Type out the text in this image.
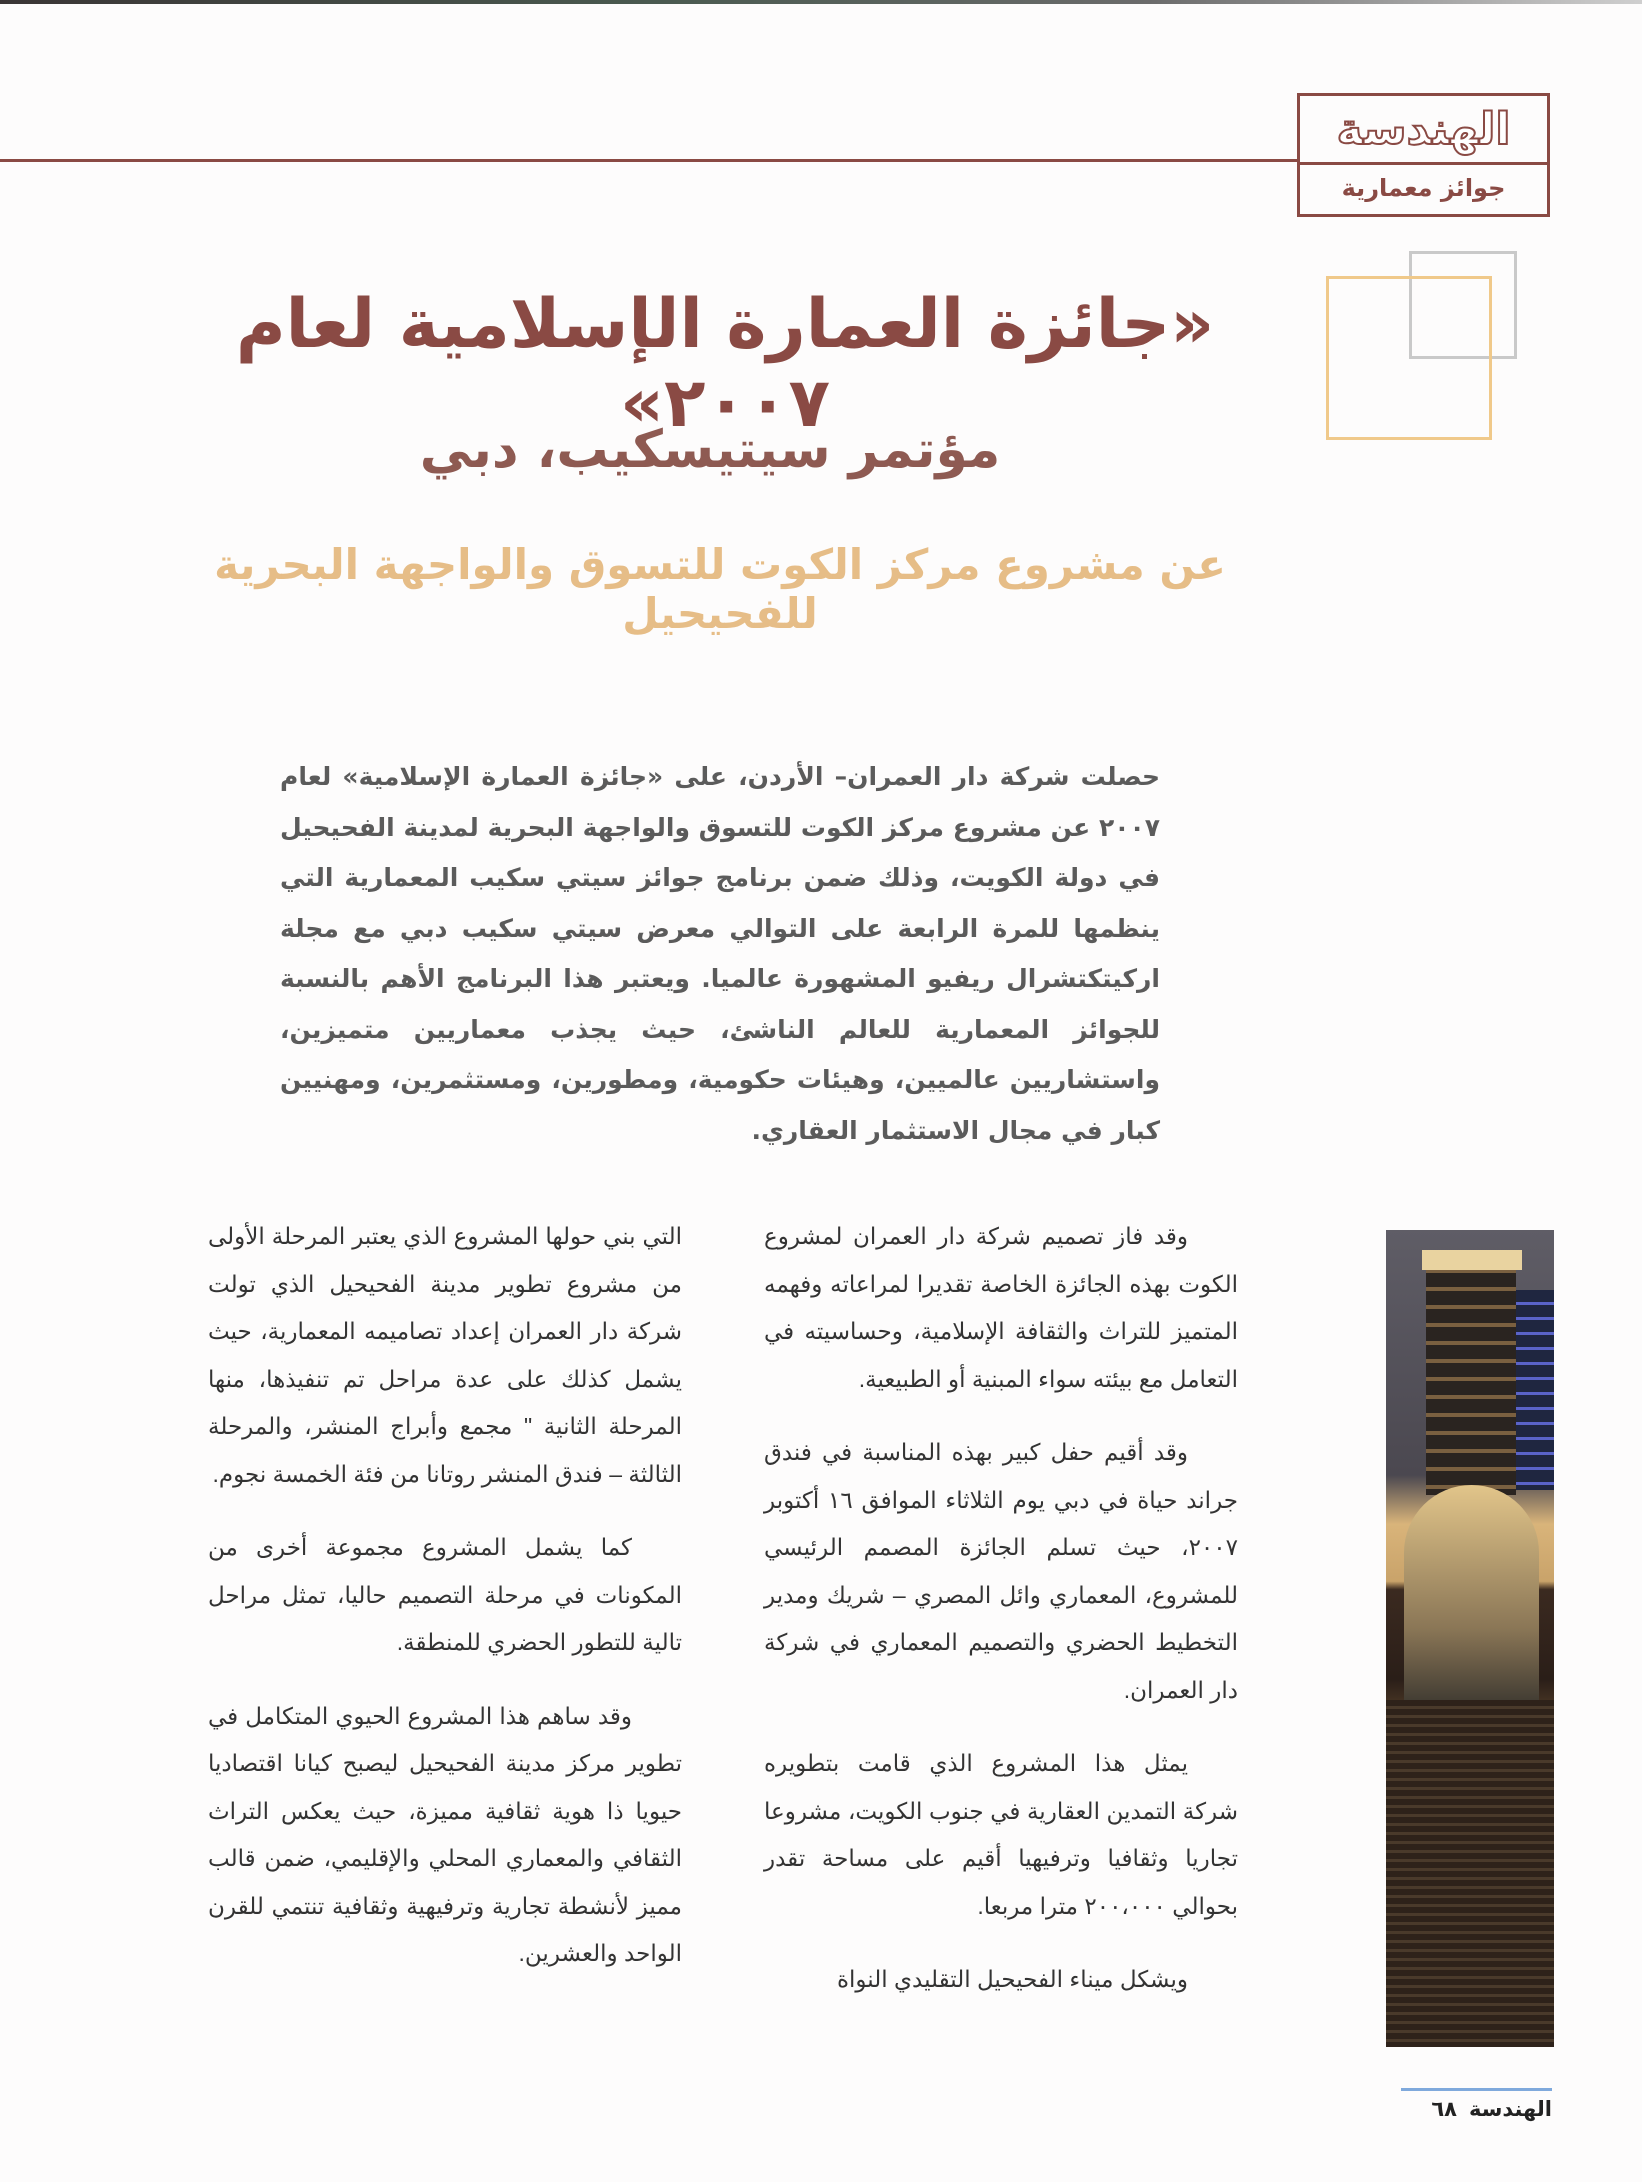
الهندسة
جوائز معمارية
«جائزة العمارة الإسلامية لعام ٢٠٠٧»
مؤتمر سيتيسكيب، دبي
عن مشروع مركز الكوت للتسوق والواجهة البحرية للفحيحيل
حصلت شركة دار العمران– الأردن، على «جائزة العمارة الإسلامية» لعام ٢٠٠٧ عن مشروع مركز الكوت للتسوق والواجهة البحرية لمدينة الفحيحيل في دولة الكويت، وذلك ضمن برنامج جوائز سيتي سكيب المعمارية التي ينظمها للمرة الرابعة على التوالي معرض سيتي سكيب دبي مع مجلة اركيتكتشرال ريفيو المشهورة عالميا. ويعتبر هذا البرنامج الأهم بالنسبة للجوائز المعمارية للعالم الناشئ، حيث يجذب معماريين متميزين، واستشاريين عالميين، وهيئات حكومية، ومطورين، ومستثمرين، ومهنيين كبار في مجال الاستثمار العقاري.

وقد فاز تصميم شركة دار العمران لمشروع الكوت بهذه الجائزة الخاصة تقديرا لمراعاته وفهمه المتميز للتراث والثقافة الإسلامية، وحساسيته في التعامل مع بيئته سواء المبنية أو الطبيعية.

وقد أقيم حفل كبير بهذه المناسبة في فندق جراند حياة في دبي يوم الثلاثاء الموافق ١٦ أكتوبر ٢٠٠٧، حيث تسلم الجائزة المصمم الرئيسي للمشروع، المعماري وائل المصري – شريك ومدير التخطيط الحضري والتصميم المعماري في شركة دار العمران.

يمثل هذا المشروع الذي قامت بتطويره شركة التمدين العقارية في جنوب الكويت، مشروعا تجاريا وثقافيا وترفيهيا أقيم على مساحة تقدر بحوالي ٢٠٠،٠٠٠ مترا مربعا.

ويشكل ميناء الفحيحيل التقليدي النواة

التي بني حولها المشروع الذي يعتبر المرحلة الأولى من مشروع تطوير مدينة الفحيحيل الذي تولت شركة دار العمران إعداد تصاميمه المعمارية، حيث يشمل كذلك على عدة مراحل تم تنفيذها، منها المرحلة الثانية " مجمع وأبراج المنشر، والمرحلة الثالثة – فندق المنشر روتانا من فئة الخمسة نجوم.

كما يشمل المشروع مجموعة أخرى من المكونات في مرحلة التصميم حاليا، تمثل مراحل تالية للتطور الحضري للمنطقة.

وقد ساهم هذا المشروع الحيوي المتكامل في تطوير مركز مدينة الفحيحيل ليصبح كيانا اقتصاديا حيويا ذا هوية ثقافية مميزة، حيث يعكس التراث الثقافي والمعماري المحلي والإقليمي، ضمن قالب مميز لأنشطة تجارية وترفيهية وثقافية تنتمي للقرن الواحد والعشرين.

الهندسة٦٨
